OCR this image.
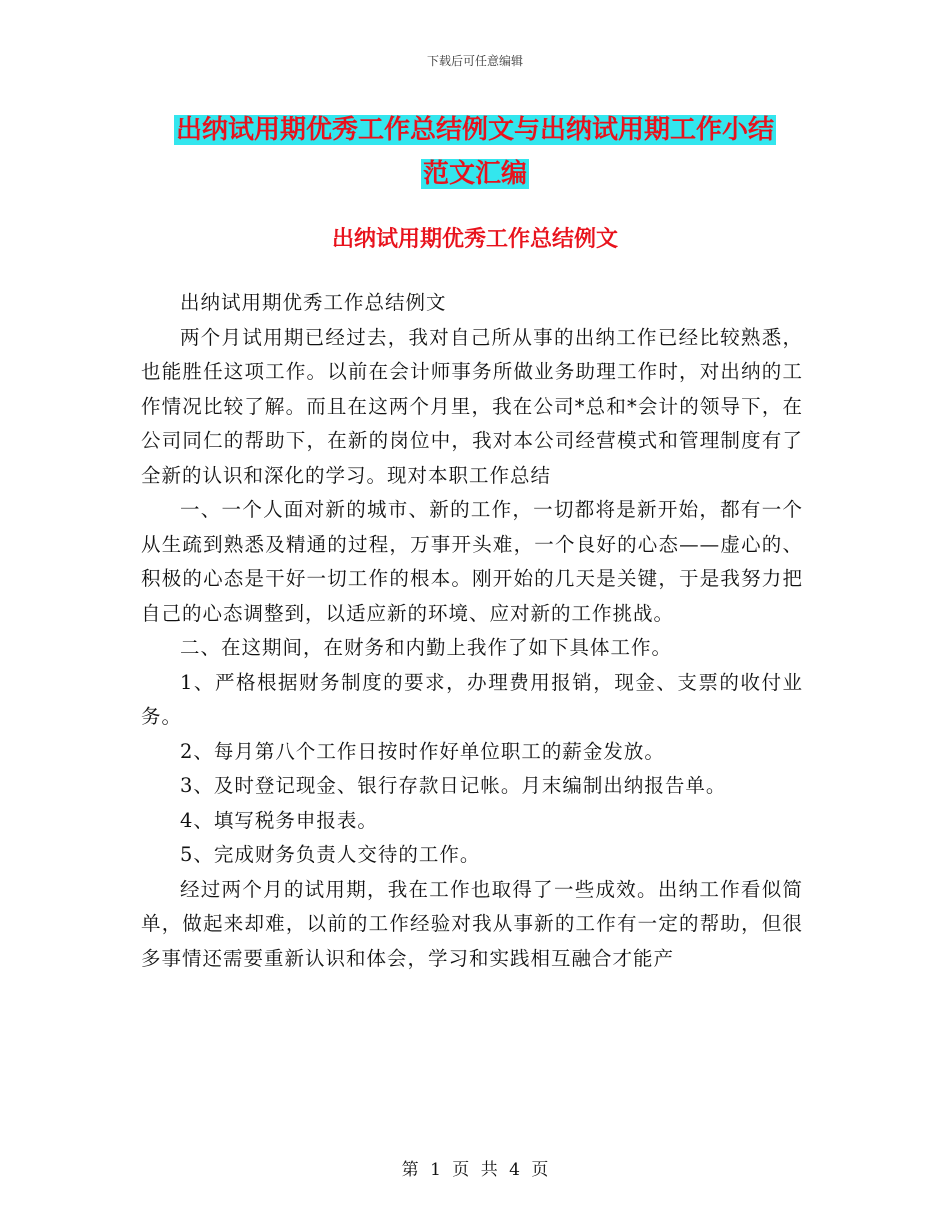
下载后可任意编辑
出纳试用期优秀工作总结例文与出纳试用期工作小结
范文汇编
出纳试用期优秀工作总结例文

出纳试用期优秀工作总结例文

两个月试用期已经过去，我对自己所从事的出纳工作已经比较熟悉，也能胜任这项工作。以前在会计师事务所做业务助理工作时，对出纳的工作情况比较了解。而且在这两个月里，我在公司*总和*会计的领导下，在公司同仁的帮助下，在新的岗位中，我对本公司经营模式和管理制度有了全新的认识和深化的学习。现对本职工作总结

一、一个人面对新的城市、新的工作，一切都将是新开始，都有一个从生疏到熟悉及精通的过程，万事开头难，一个良好的心态——虚心的、积极的心态是干好一切工作的根本。刚开始的几天是关键，于是我努力把自己的心态调整到，以适应新的环境、应对新的工作挑战。

二、在这期间，在财务和内勤上我作了如下具体工作。

1、严格根据财务制度的要求，办理费用报销，现金、支票的收付业务。

2、每月第八个工作日按时作好单位职工的薪金发放。

3、及时登记现金、银行存款日记帐。月末编制出纳报告单。

4、填写税务申报表。

5、完成财务负责人交待的工作。

经过两个月的试用期，我在工作也取得了一些成效。出纳工作看似简单，做起来却难，以前的工作经验对我从事新的工作有一定的帮助，但很多事情还需要重新认识和体会，学习和实践相互融合才能产

第 1 页 共 4 页
